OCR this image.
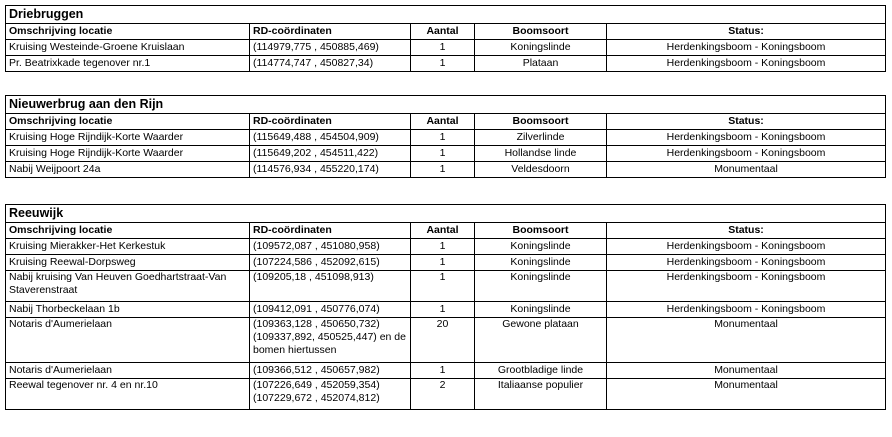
Driebruggen				
Omschrijving locatie	RD-coördinaten	Aantal	Boomsoort	Status:
Kruising Westeinde-Groene Kruislaan	(114979,775 , 450885,469)	1	Koningslinde	Herdenkingsboom - Koningsboom
Pr. Beatrixkade tegenover nr.1	(114774,747 , 450827,34)	1	Plataan	Herdenkingsboom - Koningsboom
Nieuwerbrug aan den Rijn				
Omschrijving locatie	RD-coördinaten	Aantal	Boomsoort	Status:
Kruising Hoge Rijndijk-Korte Waarder	(115649,488 , 454504,909)	1	Zilverlinde	Herdenkingsboom - Koningsboom
Kruising Hoge Rijndijk-Korte Waarder	(115649,202 , 454511,422)	1	Hollandse linde	Herdenkingsboom - Koningsboom
Nabij Weijpoort 24a	(114576,934 , 455220,174)	1	Veldesdoorn	Monumentaal
Reeuwijk				
Omschrijving locatie	RD-coördinaten	Aantal	Boomsoort	Status:
Kruising Mierakker-Het Kerkestuk	(109572,087 , 451080,958)	1	Koningslinde	Herdenkingsboom - Koningsboom
Kruising Reewal-Dorpsweg	(107224,586 , 452092,615)	1	Koningslinde	Herdenkingsboom - Koningsboom
Nabij kruising Van Heuven Goedhartstraat-Van Staverenstraat	(109205,18 , 451098,913)	1	Koningslinde	Herdenkingsboom - Koningsboom
Nabij Thorbeckelaan 1b	(109412,091 , 450776,074)	1	Koningslinde	Herdenkingsboom - Koningsboom
Notaris d'Aumerielaan	(109363,128 , 450650,732) (109337,892, 450525,447) en de bomen hiertussen	20	Gewone plataan	Monumentaal
Notaris d'Aumerielaan	(109366,512 , 450657,982)	1	Grootbladige linde	Monumentaal
Reewal tegenover nr. 4 en nr.10	(107226,649 , 452059,354) (107229,672 , 452074,812)	2	Italiaanse populier	Monumentaal
